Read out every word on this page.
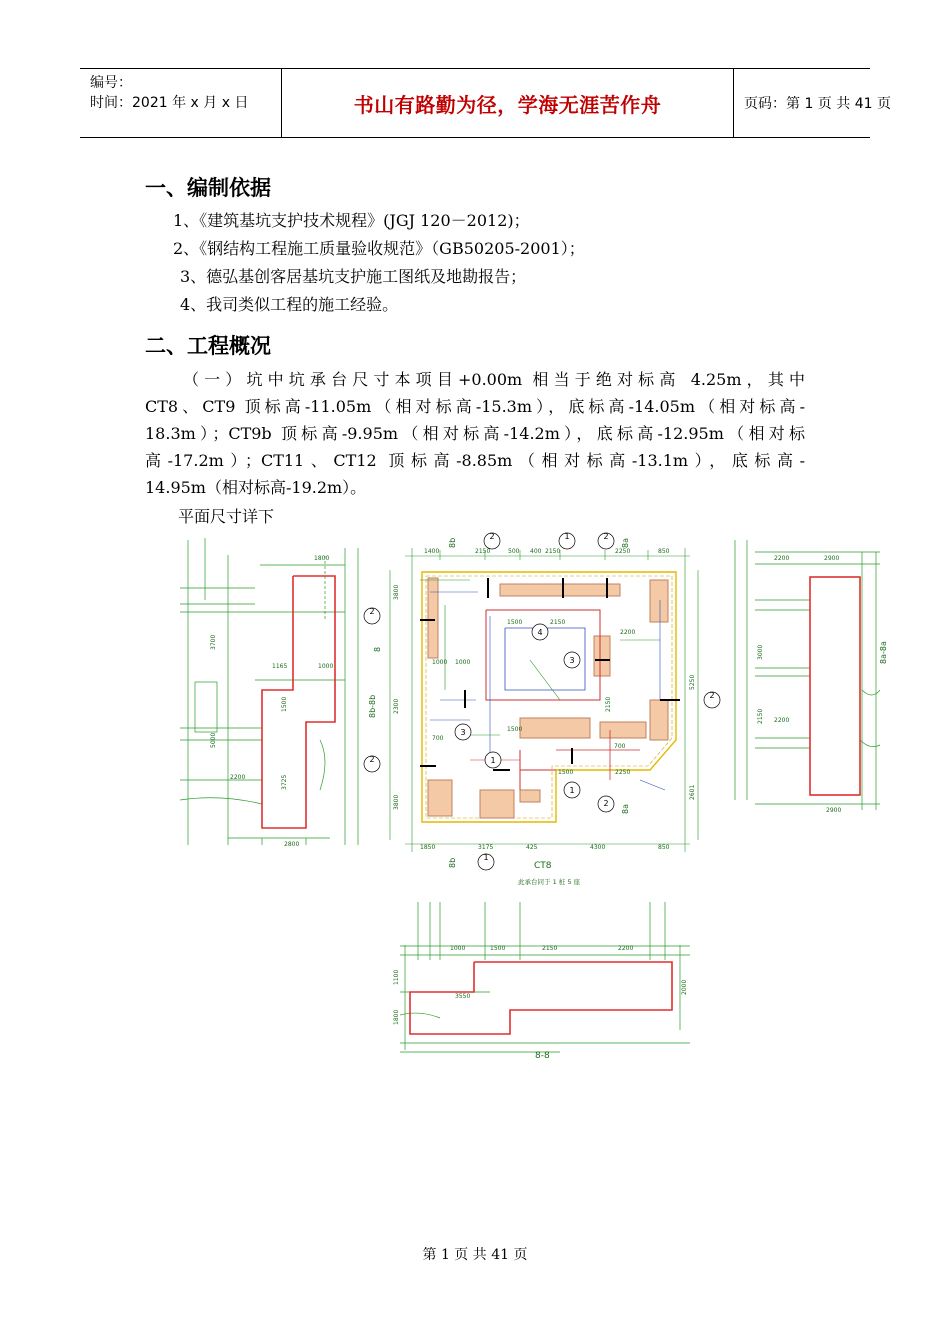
编号：
时间：2021 年 x 月 x 日	书山有路勤为径，学海无涯苦作舟	页码：第 1 页 共 41 页
一、编制依据
1、《建筑基坑支护技术规程》(JGJ 120－2012)；
2、《钢结构工程施工质量验收规范》（GB50205-2001）；
3、德弘基创客居基坑支护施工图纸及地勘报告；
4、我司类似工程的施工经验。
二、工程概况
（一）坑中坑承台尺寸本项目+0.00m 相当于绝对标高 4.25m，其中
CT8、CT9 顶标高-11.05m（相对标高-15.3m），底标高-14.05m（相对标高-
18.3m）；CT9b 顶标高-9.95m（相对标高-14.2m），底标高-12.95m（相对标
高-17.2m）；CT11、CT12 顶标高-8.85m（相对标高-13.1m），底标高-
14.95m（相对标高-19.2m）。
平面尺寸详下
1800
3700
1165	1000
5000
2200	3725
1500
2800
8b-8b
2	1	2
2
4
3
2
3
2	1
1
2
1
1400	2150	500 400 2150	2250	850
1850	3175	425	4300	850
3800
2300
3800
5250
2601
1500	2150
1000 1000
2200
700
1500
1500	2250
2150
700
8b	8a
8
8a
8b	CT8
此承台同于 1 桩 5 座
2200	2900
3000
2150 2200
2900
8a-8a
1000	1500	2150	2200
3550
1100
1800
2000
8-8
第 1 页 共 41 页
